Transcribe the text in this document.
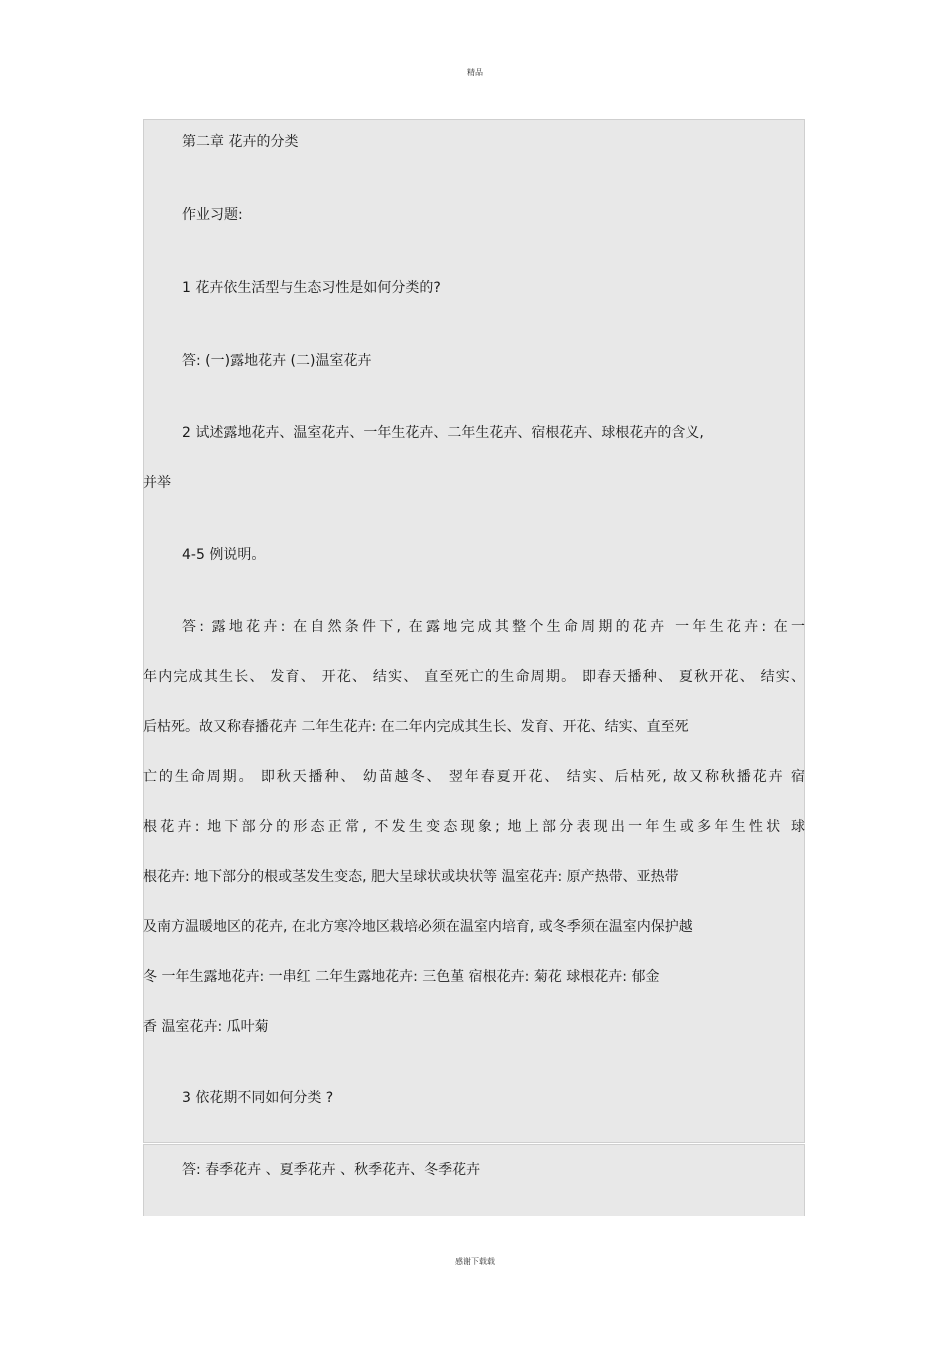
精品

第二章 花卉的分类

作业习题:

1 花卉依生活型与生态习性是如何分类的?

答: (一)露地花卉 (二)温室花卉

2 试述露地花卉、温室花卉、一年生花卉、二年生花卉、宿根花卉、球根花卉的含义,

并举

4-5 例说明。

答: 露地花卉: 在自然条件下, 在露地完成其整个生命周期的花卉 一年生花卉: 在一

年内完成其生长、 发育、 开花、 结实、 直至死亡的生命周期。 即春天播种、 夏秋开花、 结实、

后枯死。故又称春播花卉 二年生花卉: 在二年内完成其生长、发育、开花、结实、直至死

亡的生命周期。 即秋天播种、 幼苗越冬、 翌年春夏开花、 结实、后枯死, 故又称秋播花卉 宿

根花卉: 地下部分的形态正常, 不发生变态现象; 地上部分表现出一年生或多年生性状 球

根花卉: 地下部分的根或茎发生变态, 肥大呈球状或块状等 温室花卉: 原产热带、亚热带

及南方温暖地区的花卉, 在北方寒冷地区栽培必须在温室内培育, 或冬季须在温室内保护越

冬 一年生露地花卉: 一串红 二年生露地花卉: 三色堇 宿根花卉: 菊花 球根花卉: 郁金

香 温室花卉: 瓜叶菊

3 依花期不同如何分类 ?

答: 春季花卉 、夏季花卉 、秋季花卉、冬季花卉

感谢下载载
